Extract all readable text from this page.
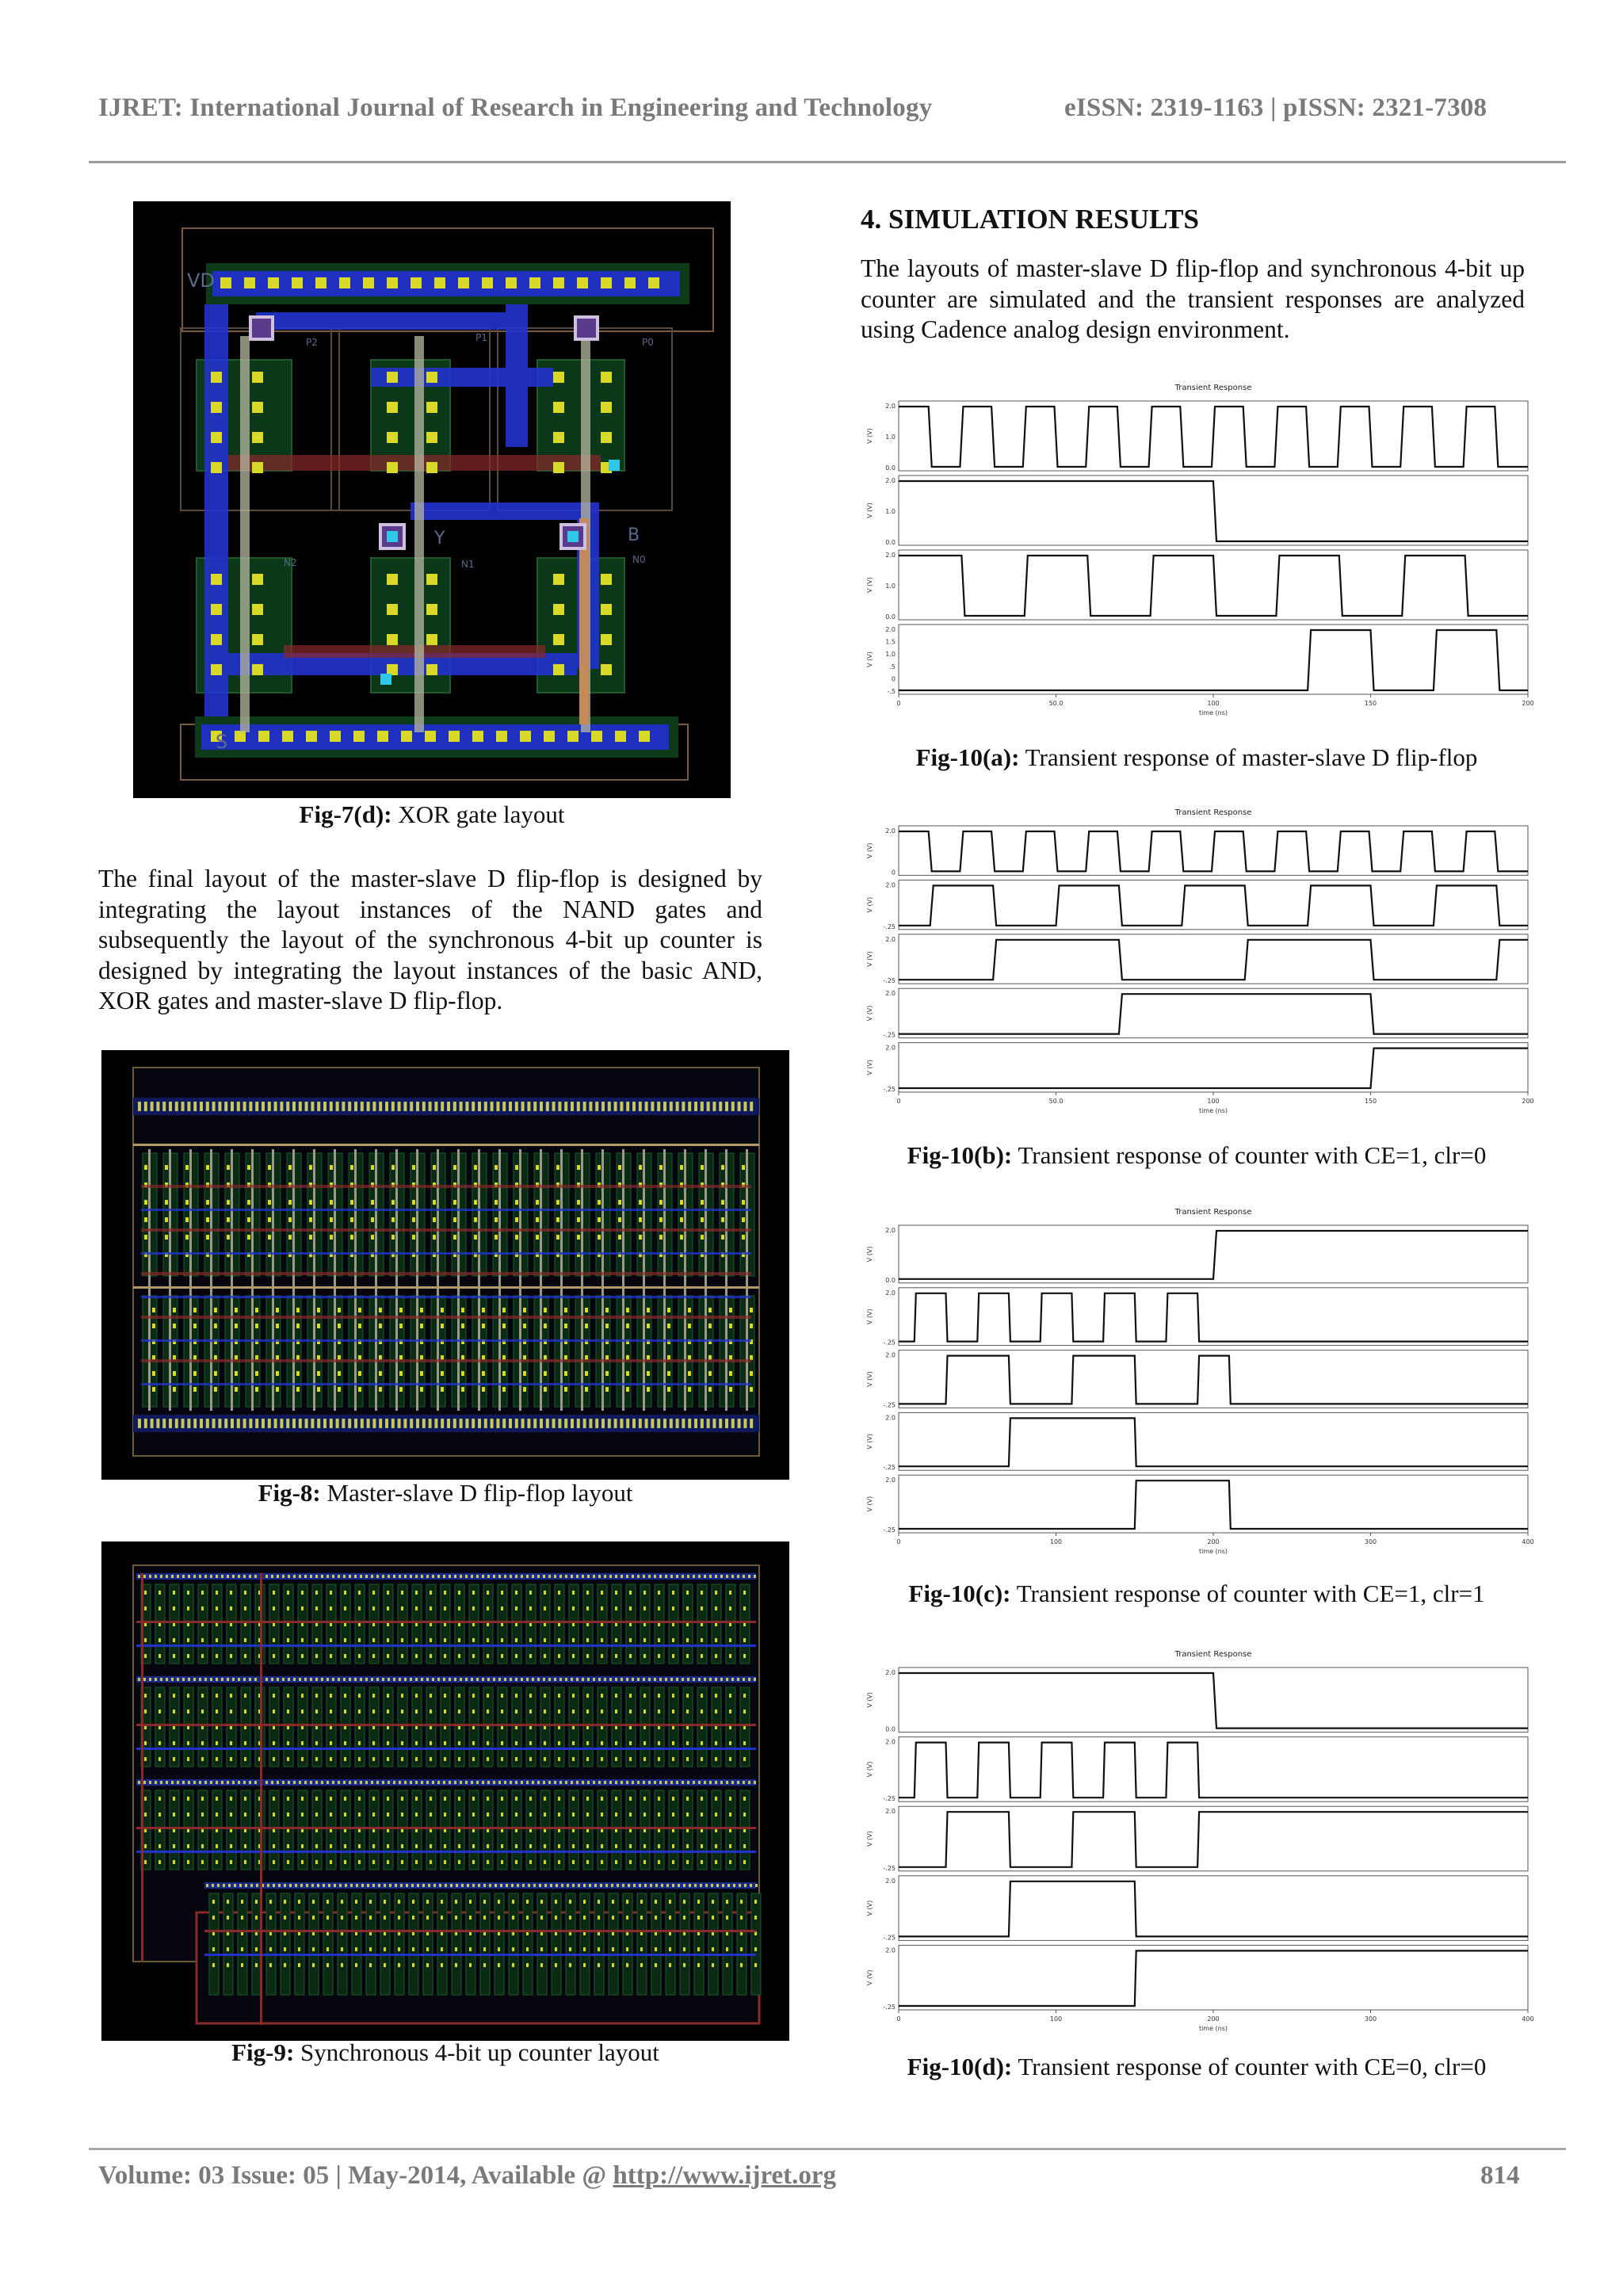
IJRET: International Journal of Research in Engineering and Technology	eISSN: 2319-1163 | pISSN: 2321-7308
VD
S
P2	P1	P0
N2	N1	N0
Y	B
Fig-7(d): XOR gate layout
The final layout of the master-slave D flip-flop is designed by integrating the layout instances of the NAND gates and subsequently the layout of the synchronous 4-bit up counter is designed by integrating the layout instances of the basic AND, XOR gates and master-slave D flip-flop.
Fig-8: Master-slave D flip-flop layout
Fig-9: Synchronous 4-bit up counter layout
4. SIMULATION RESULTS
The layouts of master-slave D flip-flop and synchronous 4-bit up counter are simulated and the transient responses are analyzed using Cadence analog design environment.
Transient Response
2.0
1.0
0.0
V (V)
2.0
1.0
0.0
V (V)
2.0
1.0
0.0
V (V)
2.0
1.5
1.0
.5
0
-.5
V (V)
0	50.0	100	150	200
time (ns)
Fig-10(a): Transient response of master-slave D flip-flop
Transient Response
2.0
0
V (V)
2.0
-.25
V (V)
2.0
-.25
V (V)
2.0
-.25
V (V)
2.0
-.25
V (V)
0	50.0	100	150	200
time (ns)
Fig-10(b): Transient response of counter with CE=1, clr=0
Transient Response
2.0
0.0
V (V)
2.0
-.25
V (V)
2.0
-.25
V (V)
2.0
-.25
V (V)
2.0
-.25
V (V)
0	100	200	300	400
time (ns)
Fig-10(c): Transient response of counter with CE=1, clr=1
Transient Response
2.0
0.0
V (V)
2.0
-.25
V (V)
2.0
-.25
V (V)
2.0
-.25
V (V)
2.0
-.25
V (V)
0	100	200	300	400
time (ns)
Fig-10(d): Transient response of counter with CE=0, clr=0
Volume: 03 Issue: 05 | May-2014, Available @ http://www.ijret.org	814
